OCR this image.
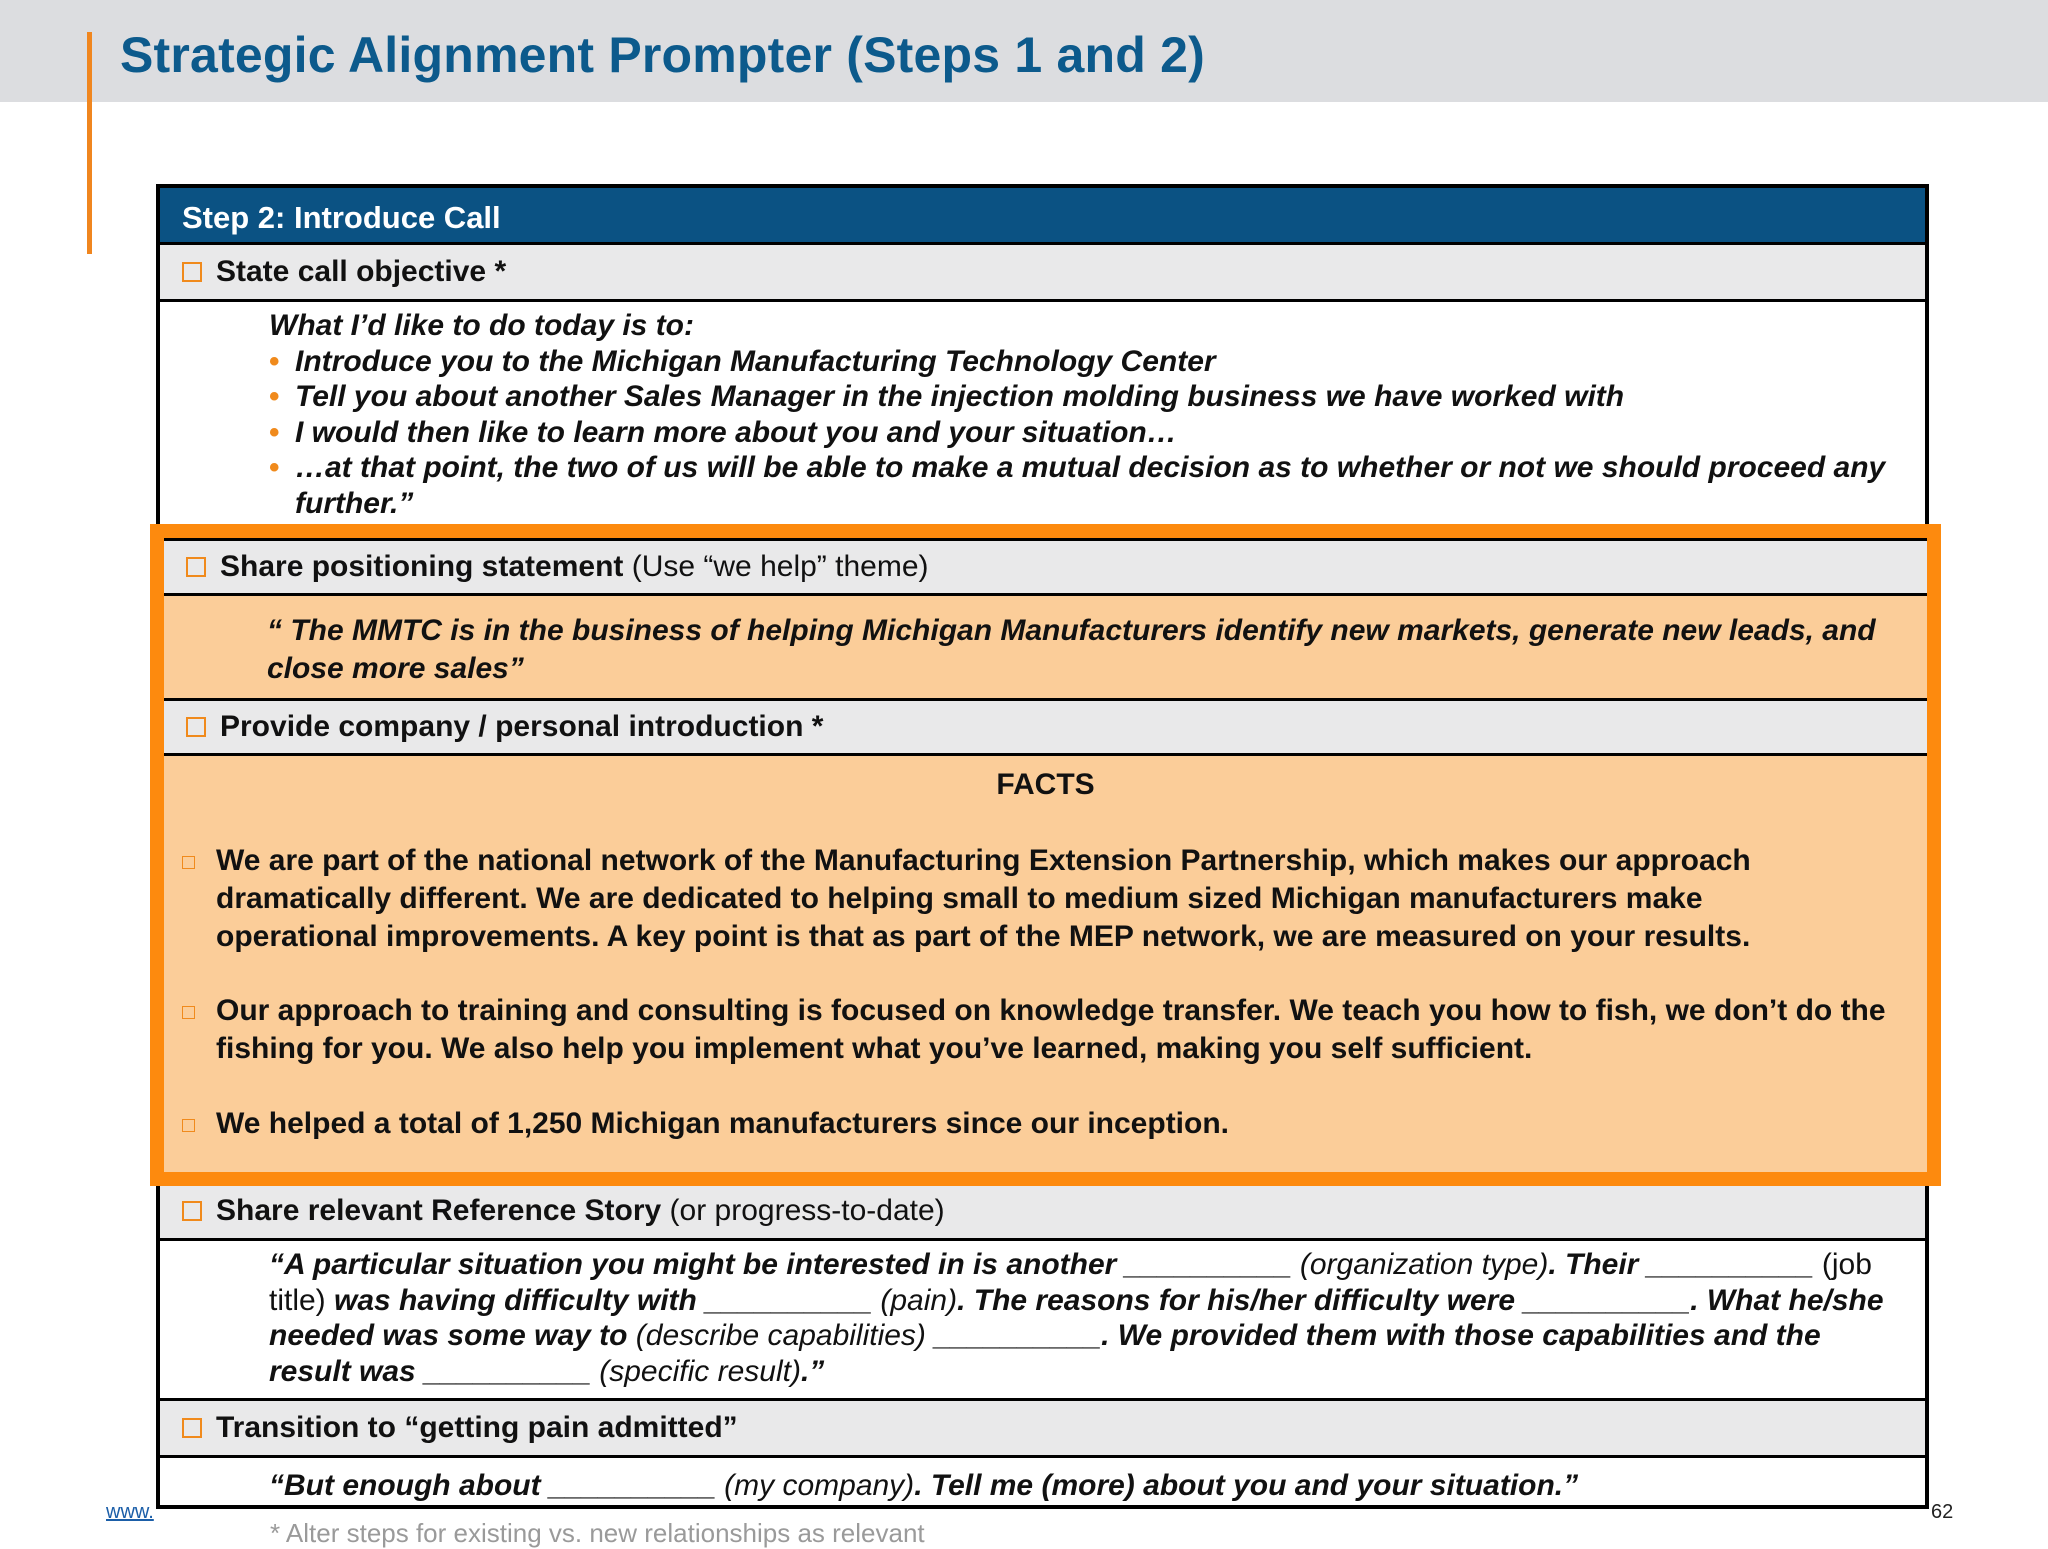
Strategic Alignment Prompter (Steps 1 and 2)
Step 2: Introduce Call
State call objective *
What I’d like to do today is to:
• Introduce you to the Michigan Manufacturing Technology Center
• Tell you about another Sales Manager in the injection molding business we have worked with
• I would then like to learn more about you and your situation…
• …at that point, the two of us will be able to make a mutual decision as to whether or not we should proceed any further.”
Share relevant Reference Story (or progress-to-date)
“A particular situation you might be interested in is another __________ (organization type). Their __________ (job title) was having difficulty with __________ (pain). The reasons for his/her difficulty were __________. What he/she needed was some way to (describe capabilities) __________. We provided them with those capabilities and the result was __________ (specific result).”
Transition to “getting pain admitted”
“But enough about __________ (my company). Tell me (more) about you and your situation.”
Share positioning statement (Use “we help” theme)
“ The MMTC is in the business of helping Michigan Manufacturers identify new markets, generate new leads, and close more sales”
Provide company / personal introduction *
FACTS
We are part of the national network of the Manufacturing Extension Partnership, which makes our approach dramatically different. We are dedicated to helping small to medium sized Michigan manufacturers make operational improvements. A key point is that as part of the MEP network, we are measured on your results.
Our approach to training and consulting is focused on knowledge transfer. We teach you how to fish, we don’t do the fishing for you. We also help you implement what you’ve learned, making you self sufficient.
We helped a total of 1,250 Michigan manufacturers since our inception.
www.	62
* Alter steps for existing vs. new relationships as relevant
